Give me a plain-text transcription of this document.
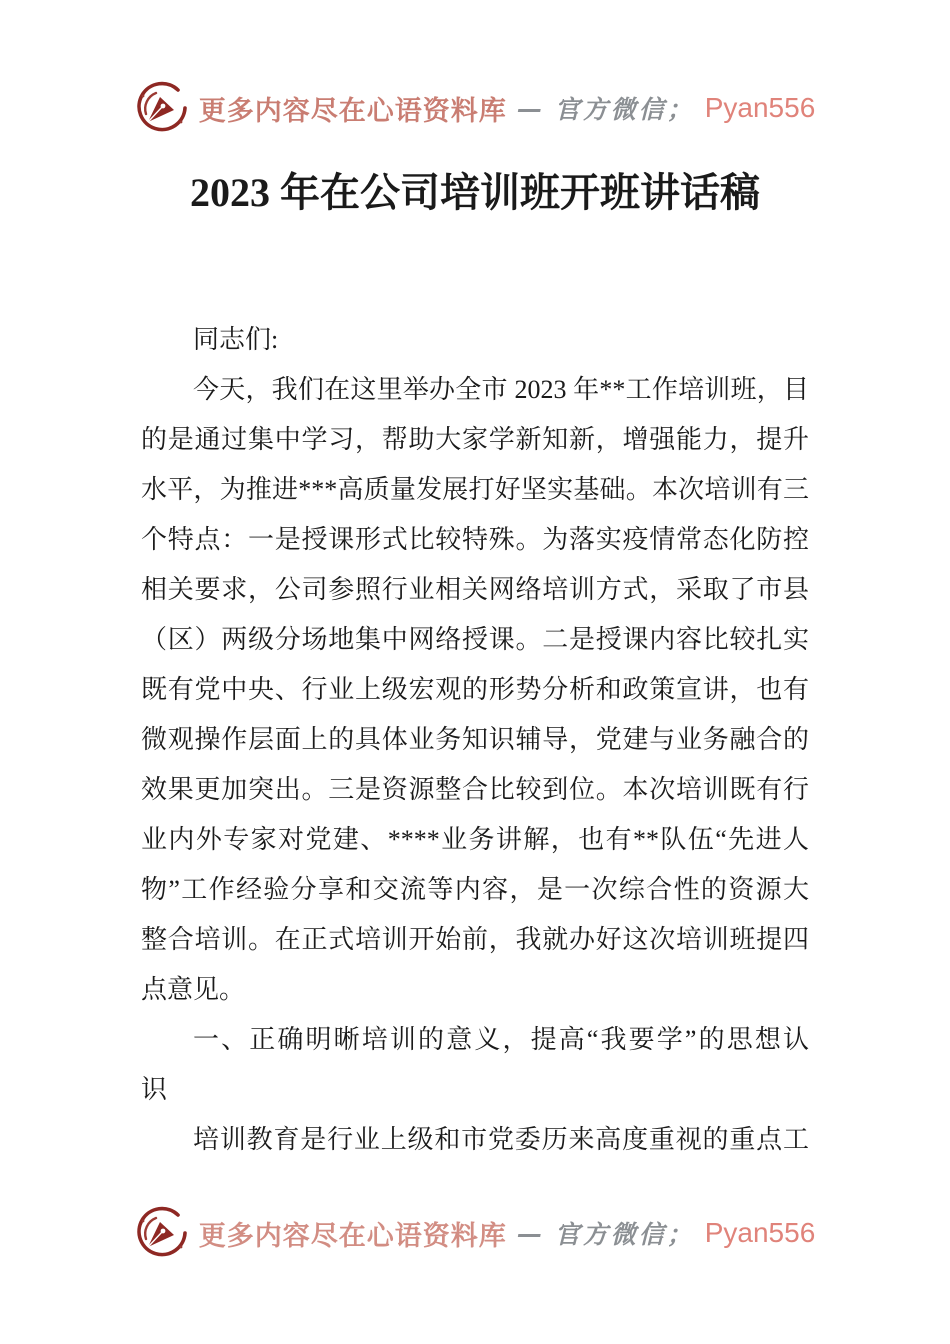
更多内容尽在心语资料库 — 官方微信； Pyan556
2023 年在公司培训班开班讲话稿
同志们:
今天，我们在这里举办全市 2023 年**工作培训班，目
的是通过集中学习，帮助大家学新知新，增强能力，提升
水平，为推进***高质量发展打好坚实基础。本次培训有三
个特点：一是授课形式比较特殊。为落实疫情常态化防控
相关要求，公司参照行业相关网络培训方式，采取了市县
（区）两级分场地集中网络授课。二是授课内容比较扎实
既有党中央、行业上级宏观的形势分析和政策宣讲，也有
微观操作层面上的具体业务知识辅导，党建与业务融合的
效果更加突出。三是资源整合比较到位。本次培训既有行
业内外专家对党建、****业务讲解，也有**队伍“先进人
物”工作经验分享和交流等内容，是一次综合性的资源大
整合培训。在正式培训开始前，我就办好这次培训班提四
点意见。
一、正确明晰培训的意义，提高“我要学”的思想认
识
培训教育是行业上级和市党委历来高度重视的重点工
更多内容尽在心语资料库 — 官方微信； Pyan556
